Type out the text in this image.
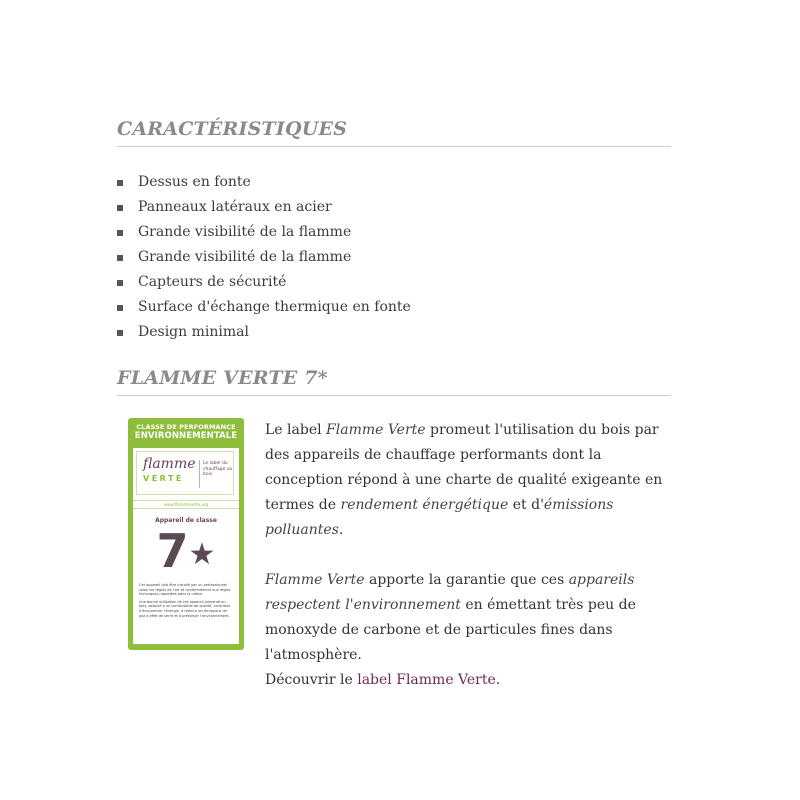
CARACTÉRISTIQUES
Dessus en fonte
Panneaux latéraux en acier
Grande visibilité de la flamme
Grande visibilité de la flamme
Capteurs de sécurité
Surface d'échange thermique en fonte
Design minimal
FLAMME VERTE 7*
CLASSE DE PERFORMANCE
ENVIRONNEMENTALE
flamme
VERTE
Le label du chauffage au bois
www.flammeverte.org
Appareil de classe
7★

Cet appareil doit être installé par un professionnel selon les règles de l'art et conformément aux règles techniques rappelées dans la notice.

Une bonne utilisation de cet appareil alimenté au bois, associé à un combustible de qualité, contribue à économiser l'énergie, à réduire les émissions de gaz à effet de serre et à préserver l'environnement.

Le label Flamme Verte promeut l'utilisation du bois par des appareils de chauffage performants dont la conception répond à une charte de qualité exigeante en termes de rendement énergétique et d'émissions polluantes.

Flamme Verte apporte la garantie que ces appareils respectent l'environnement en émettant très peu de monoxyde de carbone et de particules fines dans l'atmosphère.

Découvrir le label Flamme Verte.
